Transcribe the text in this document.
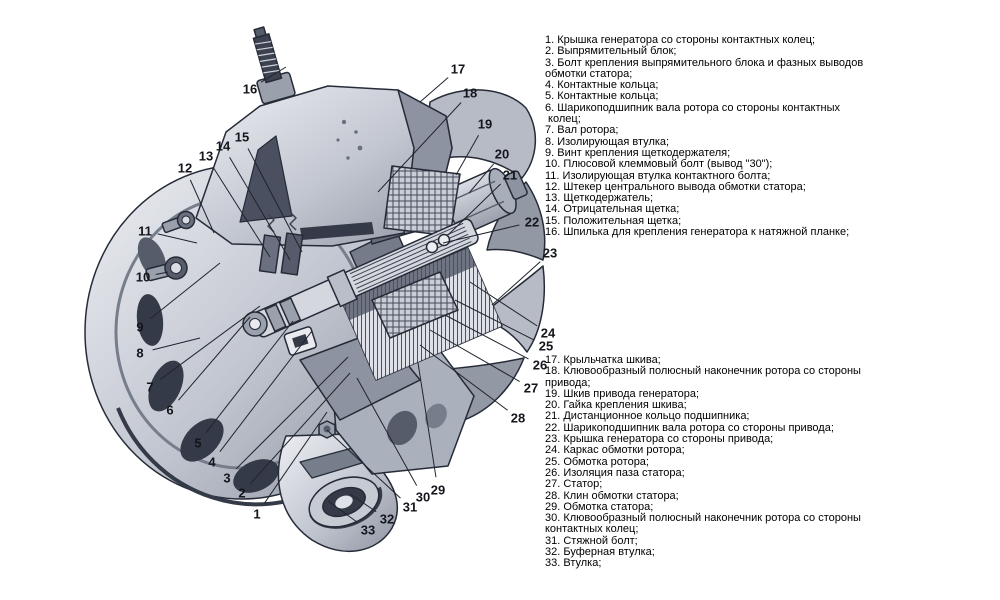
1
2
3
4
5
6
7
8
9
10
11
12
13
14
15
16
17
18
19
20
21
22
23
24
25
26
27
28
29
30
31
32
33
1. Крышка генератора со стороны контактных колец;
2. Выпрямительный блок;
3. Болт крепления выпрямительного блока и фазных выводов
обмотки статора;
4. Контактные кольца;
5. Контактные кольца;
6. Шарикоподшипник вала ротора со стороны контактных
колец;
7. Вал ротора;
8. Изолирующая втулка;
9. Винт крепления щеткодержателя;
10. Плюсовой клеммовый болт (вывод "30");
11. Изолирующая втулка контактного болта;
12. Штекер центрального вывода обмотки статора;
13. Щеткодержатель;
14. Отрицательная щетка;
15. Положительная щетка;
16. Шпилька для крепления генератора к натяжной планке;
17. Крыльчатка шкива;
18. Клювообразный полюсный наконечник ротора со стороны
привода;
19. Шкив привода генератора;
20. Гайка крепления шкива;
21. Дистанционное кольцо подшипника;
22. Шарикоподшипник вала ротора со стороны привода;
23. Крышка генератора со стороны привода;
24. Каркас обмотки ротора;
25. Обмотка ротора;
26. Изоляция паза статора;
27. Статор;
28. Клин обмотки статора;
29. Обмотка статора;
30. Клювообразный полюсный наконечник ротора со стороны
контактных колец;
31. Стяжной болт;
32. Буферная втулка;
33. Втулка;
